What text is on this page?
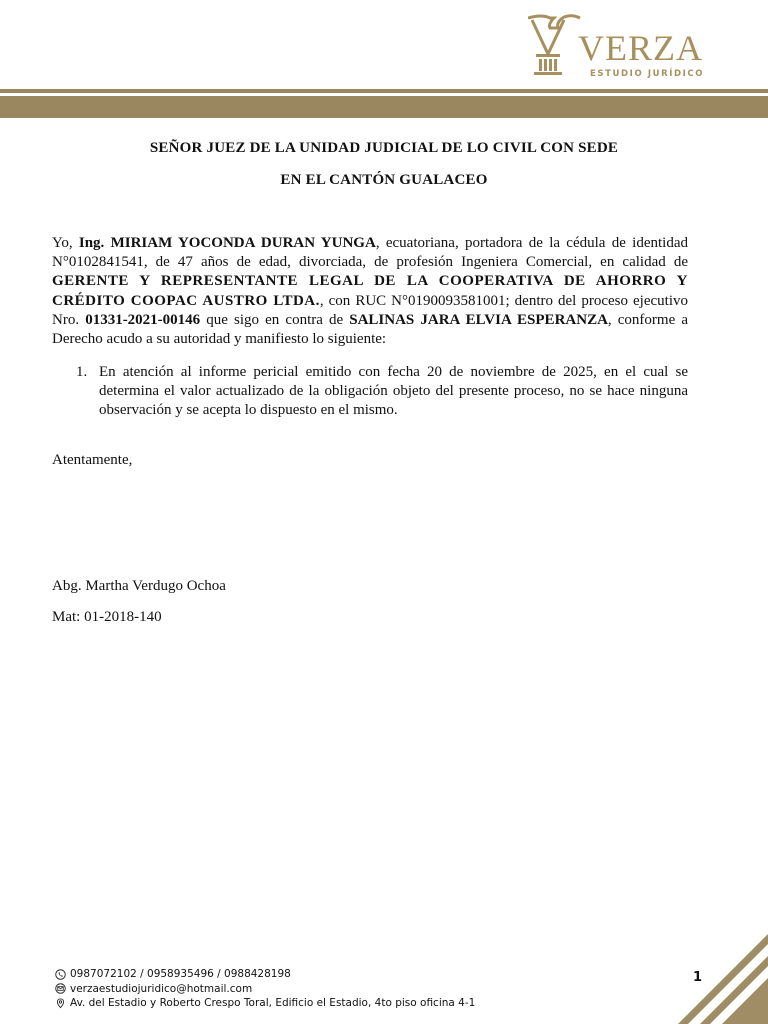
VERZA
ESTUDIO JURÍDICO
SEÑOR JUEZ DE LA UNIDAD JUDICIAL DE LO CIVIL CON SEDE
EN EL CANTÓN GUALACEO
Yo, Ing. MIRIAM YOCONDA DURAN YUNGA, ecuatoriana, portadora de la cédula de identidad N°0102841541, de 47 años de edad, divorciada, de profesión Ingeniera Comercial, en calidad de GERENTE Y REPRESENTANTE LEGAL DE LA COOPERATIVA DE AHORRO Y CRÉDITO COOPAC AUSTRO LTDA., con RUC N°0190093581001; dentro del proceso ejecutivo Nro. 01331-2021-00146 que sigo en contra de SALINAS JARA ELVIA ESPERANZA, conforme a Derecho acudo a su autoridad y manifiesto lo siguiente:
1. En atención al informe pericial emitido con fecha 20 de noviembre de 2025, en el cual se determina el valor actualizado de la obligación objeto del presente proceso, no se hace ninguna observación y se acepta lo dispuesto en el mismo.
Atentamente,
Abg. Martha Verdugo Ochoa
Mat: 01-2018-140
0987072102 / 0958935496 / 0988428198
verzaestudiojuridico@hotmail.com
Av. del Estadio y Roberto Crespo Toral, Edificio el Estadio, 4to piso oficina 4-1
1
